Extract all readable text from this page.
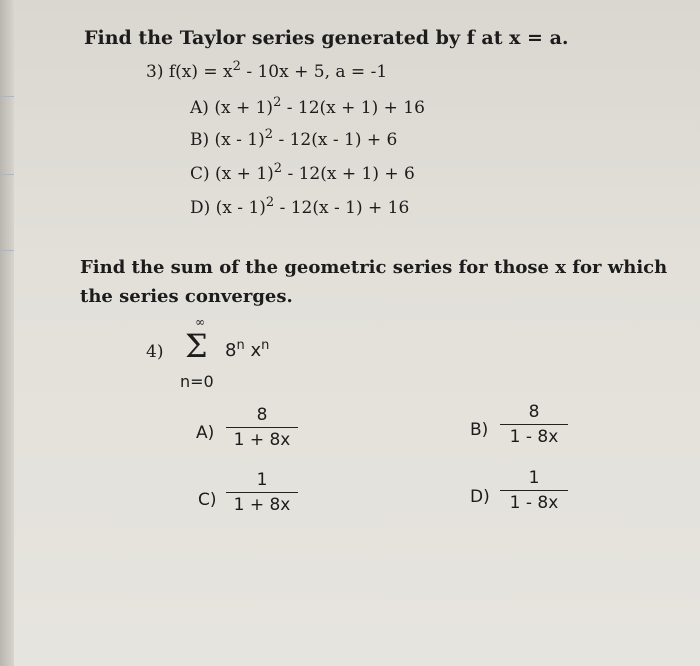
Find the Taylor series generated by f at x = a.
3) $f(x) = x^2 - 10x + 5$, a = -1
A) $(x + 1)^2 - 12(x + 1) + 16$
B) (x - 1)$^2$ - 12(x - 1) + 6
C) $(x + 1)^2 - 12(x + 1) + 6$
D) (x - 1)$^2$ - 12(x - 1) + 16
Find the sum of the geometric series for those x for which
the series converges.
4)
∞
Σ
n=0
8$^n$ $x^n$
A)
8
1 + 8x	B)
8
1 - 8x
C)
1
1 + 8x	D)
1
1 - 8x
